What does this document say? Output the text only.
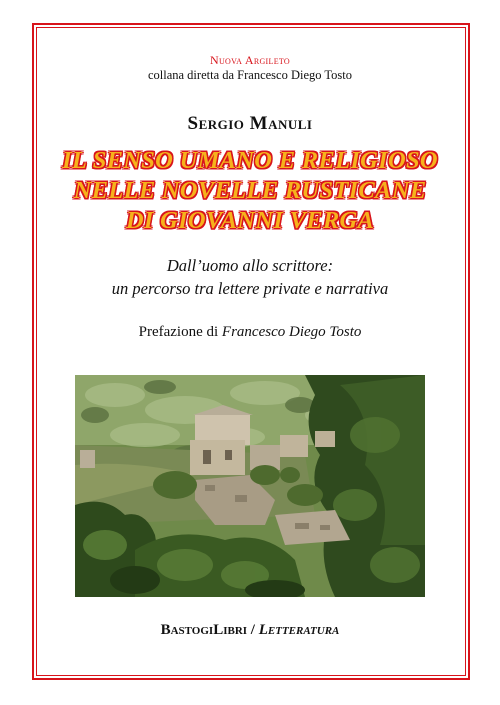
Nuova Argileto
collana diretta da Francesco Diego Tosto
Sergio Manuli
IL SENSO UMANO E RELIGIOSO
NELLE NOVELLE RUSTICANE
DI GIOVANNI VERGA
Dall’uomo allo scrittore:
un percorso tra lettere private e narrativa
Prefazione di Francesco Diego Tosto
BastogiLibri / Letteratura
